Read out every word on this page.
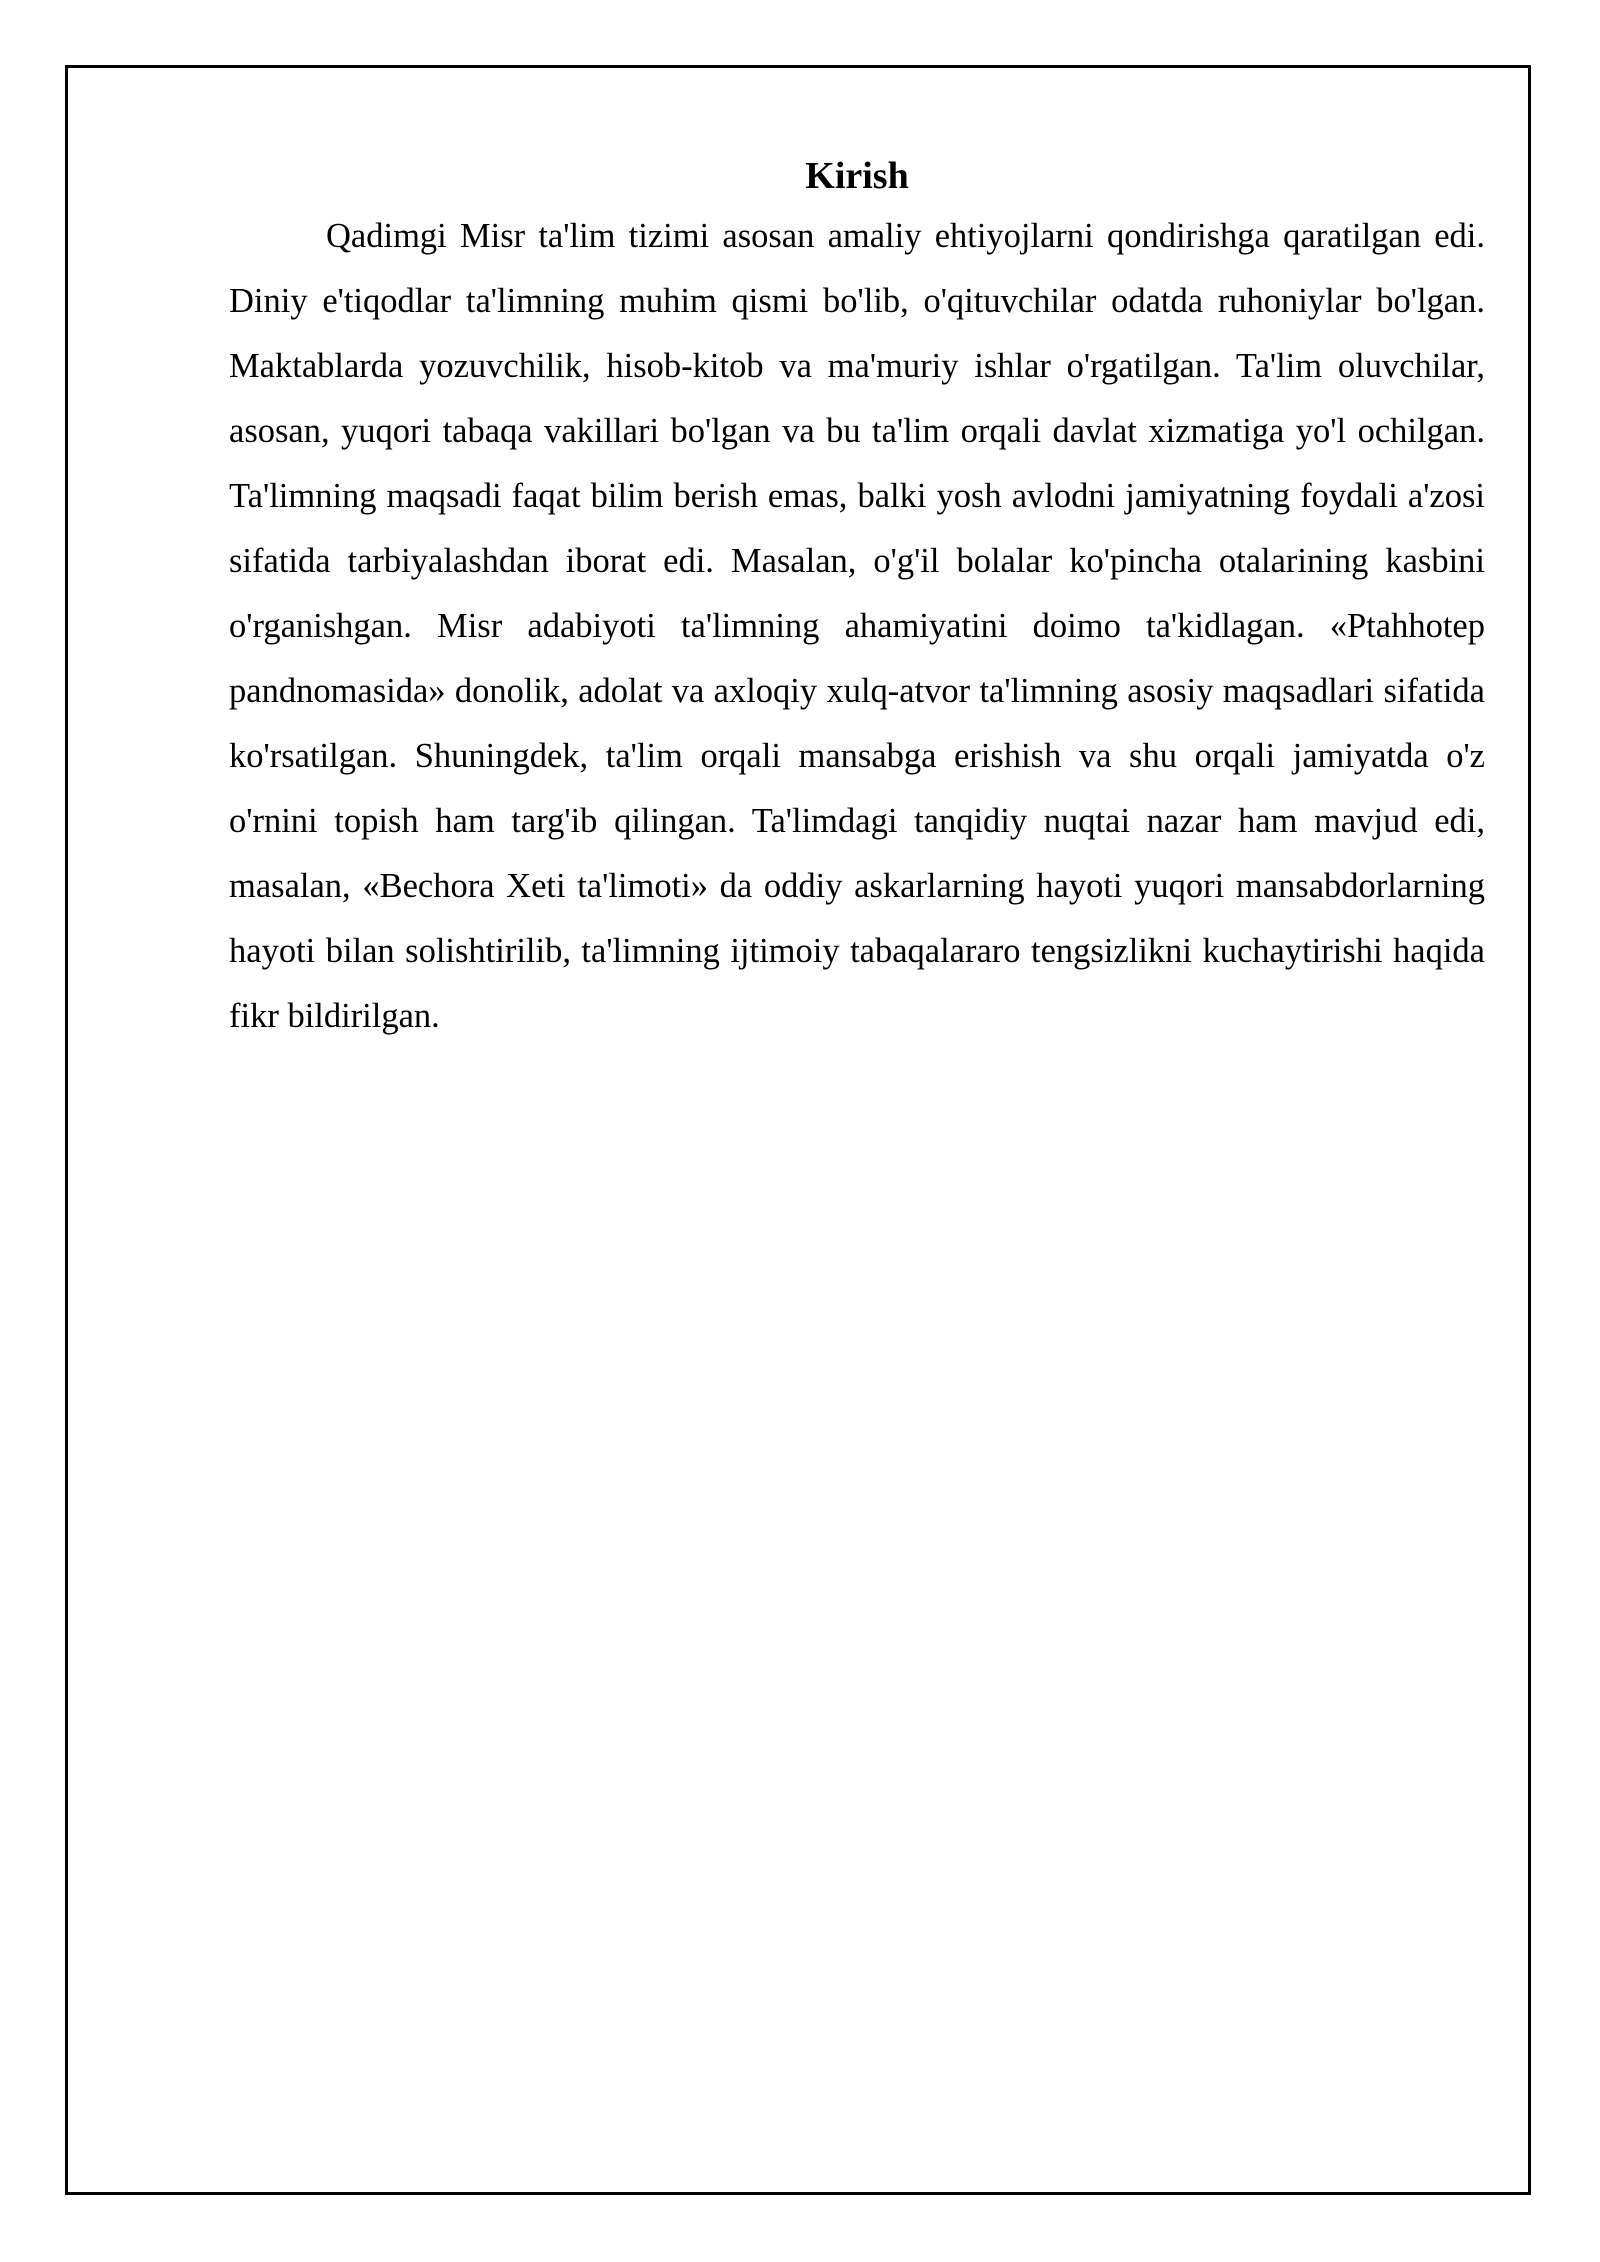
Kirish

Qadimgi Misr ta'lim tizimi asosan amaliy ehtiyojlarni qondirishga qaratilgan edi. Diniy e'tiqodlar ta'limning muhim qismi bo'lib, o'qituvchilar odatda ruhoniylar bo'lgan. Maktablarda yozuvchilik, hisob-kitob va ma'muriy ishlar o'rgatilgan. Ta'lim oluvchilar, asosan, yuqori tabaqa vakillari bo'lgan va bu ta'lim orqali davlat xizmatiga yo'l ochilgan. Ta'limning maqsadi faqat bilim berish emas, balki yosh avlodni jamiyatning foydali a'zosi sifatida tarbiyalashdan iborat edi. Masalan, o'g'il bolalar ko'pincha otalarining kasbini o'rganishgan. Misr adabiyoti ta'limning ahamiyatini doimo ta'kidlagan. «Ptahhotep pandnomasida» donolik, adolat va axloqiy xulq-atvor ta'limning asosiy maqsadlari sifatida ko'rsatilgan. Shuningdek, ta'lim orqali mansabga erishish va shu orqali jamiyatda o'z o'rnini topish ham targ'ib qilingan. Ta'limdagi tanqidiy nuqtai nazar ham mavjud edi, masalan, «Bechora Xeti ta'limoti» da oddiy askarlarning hayoti yuqori mansabdorlarning hayoti bilan solishtirilib, ta'limning ijtimoiy tabaqalararo tengsizlikni kuchaytirishi haqida fikr bildirilgan.
